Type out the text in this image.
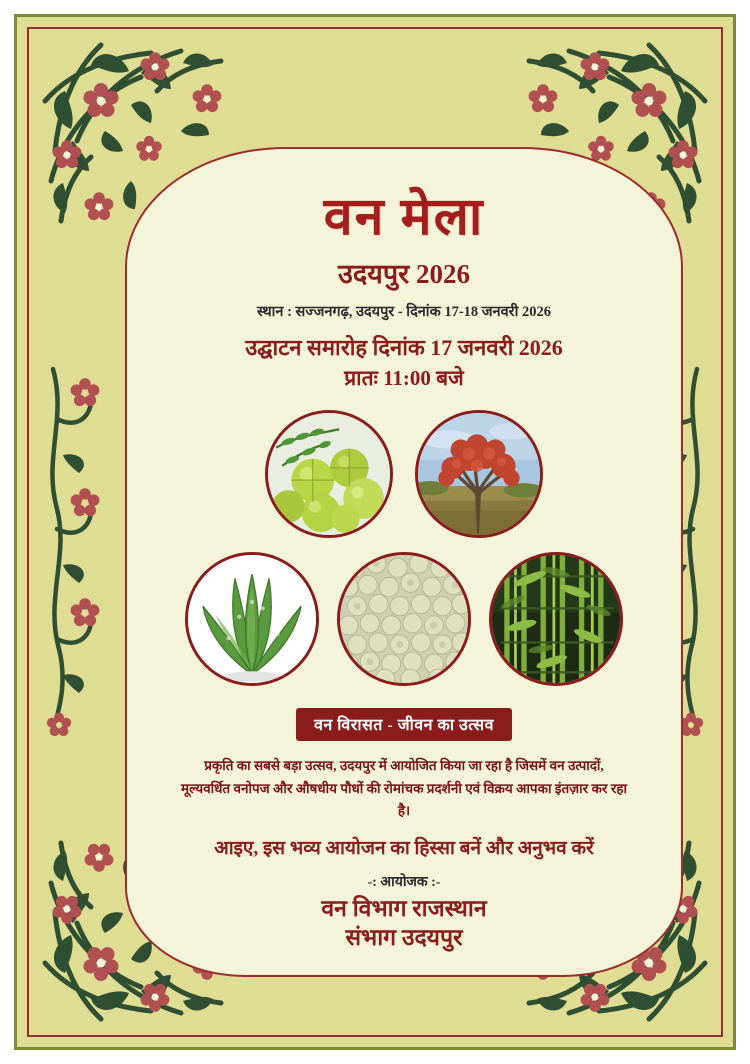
वन मेला
उदयपुर 2026
स्थान : सज्जनगढ़, उदयपुर - दिनांक 17-18 जनवरी 2026
उद्घाटन समारोह दिनांक 17 जनवरी 2026
प्रातः 11:00 बजे
वन विरासत - जीवन का उत्सव
प्रकृति का सबसे बड़ा उत्सव, उदयपुर में आयोजित किया जा रहा है जिसमें वन उत्पादों, मूल्यवर्धित वनोपज और औषधीय पौधों की रोमांचक प्रदर्शनी एवं विक्रय आपका इंतज़ार कर रहा है।
आइए, इस भव्य आयोजन का हिस्सा बनें और अनुभव करें
-: आयोजक :-
वन विभाग राजस्थान
संभाग उदयपुर
